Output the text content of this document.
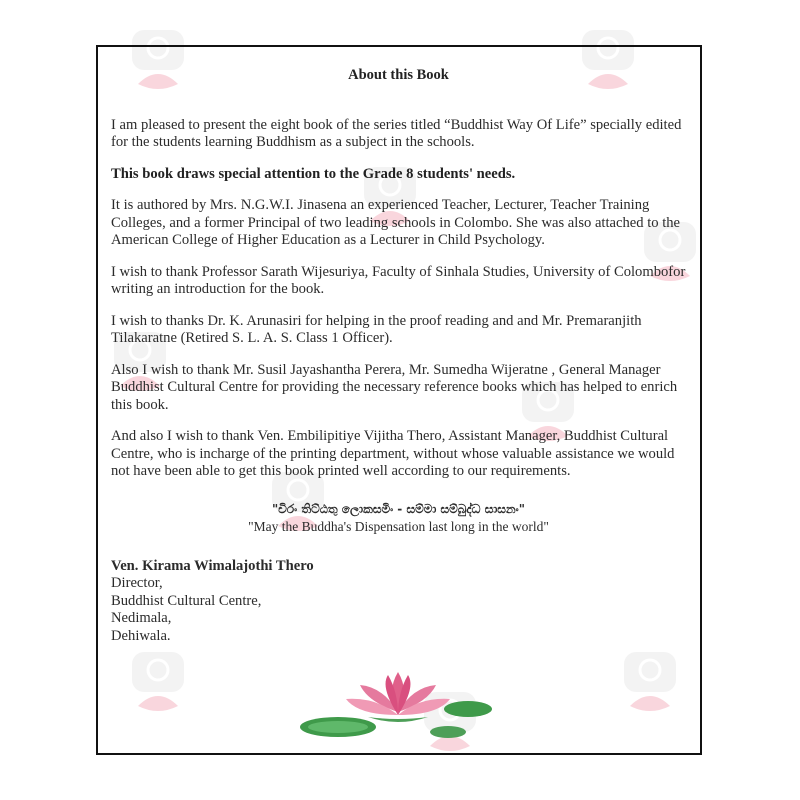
About this Book

I am pleased to present the eight book of the series titled “Buddhist Way Of Life” specially edited for the students learning Buddhism as a subject in the schools.

This book draws special attention to the Grade 8 students' needs.

It is authored by Mrs. N.G.W.I. Jinasena an experienced Teacher, Lecturer, Teacher Training Colleges, and a former Principal of two leading schools in Colombo. She was also attached to the American College of Higher Education as a Lecturer in Child Psychology.

I wish to thank Professor Sarath Wijesuriya, Faculty of Sinhala Studies, University of Colombofor writing an introduction for the book.

I wish to thanks Dr. K. Arunasiri for helping in the proof reading and and Mr. Premaranjith Tilakaratne (Retired S. L. A. S. Class 1 Officer).

Also I wish to thank Mr. Susil Jayashantha Perera, Mr. Sumedha Wijeratne , General Manager Buddhist Cultural Centre for providing the necessary reference books which has helped to enrich this book.

And also I wish to thank Ven. Embilipitiye Vijitha Thero, Assistant Manager, Buddhist Cultural Centre, who is incharge of the printing department, without whose valuable assistance we would not have been able to get this book printed well according to our requirements.

"චිරං තිට්ඨතු ලොකසමිං - සම්මා සම්බුද්ධ සාසනං"
"May the Buddha's Dispensation last long in the world"
Ven. Kirama Wimalajothi Thero
Director,
Buddhist Cultural Centre,
Nedimala,
Dehiwala.
